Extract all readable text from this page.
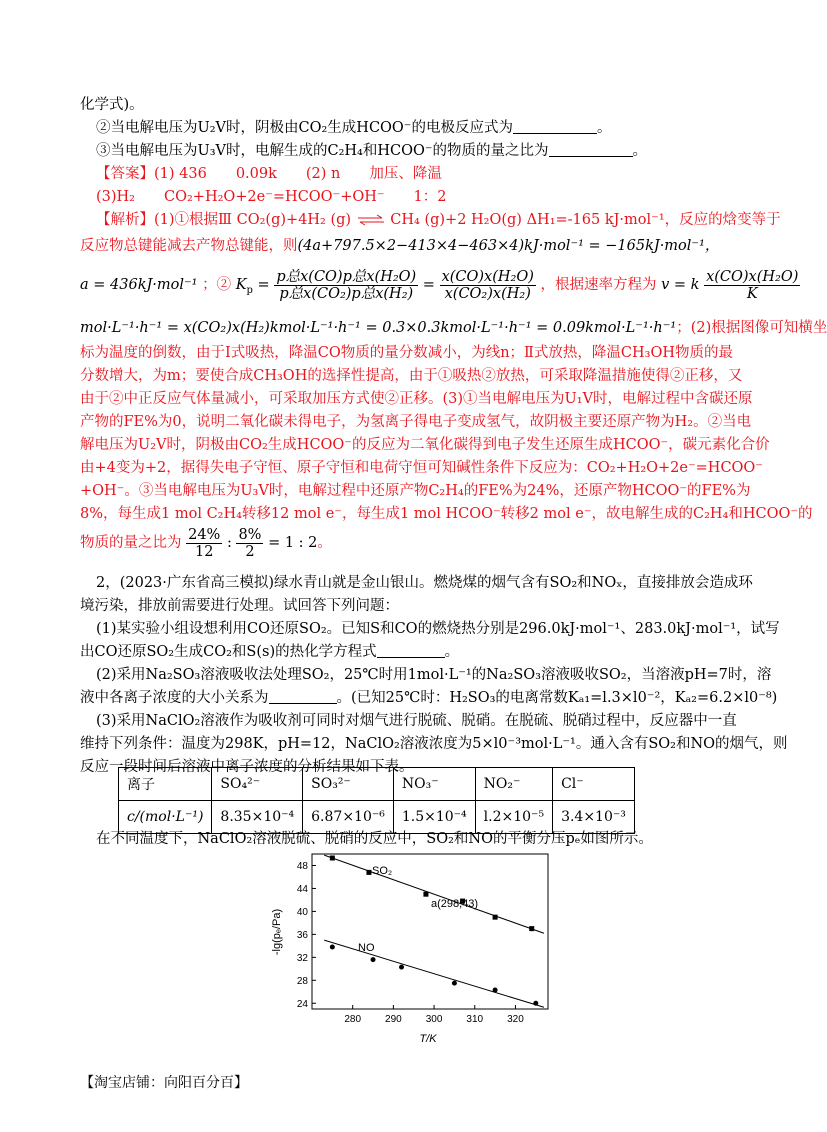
化学式)。
②当电解电压为U₂V时，阴极由CO₂生成HCOO⁻的电极反应式为	。
③当电解电压为U₃V时，电解生成的C₂H₄和HCOO⁻的物质的量之比为	。
【答案】(1) 436　　0.09k　　(2) n　　加压、降温
(3)H₂　　CO₂+H₂O+2e⁻=HCOO⁻+OH⁻　　1：2
【解析】(1)①根据Ⅲ CO₂(g)+4H₂ (g) ⇌ CH₄ (g)+2 H₂O(g) ΔH₁=-165 kJ·mol⁻¹，反应的焓变等于
反应物总键能减去产物总键能，则(4a+797.5×2−413×4−463×4)kJ·mol⁻¹ = −165kJ·mol⁻¹，
a = 436kJ·mol⁻¹ ；② $K_p = \frac{\text{p总x(CO)p总x(H₂O)}}{\text{p总x(CO₂)p总x(H₂)}} = \frac{\text{x(CO)x(H₂O)}}{\text{x(CO₂)x(H₂)}}$ ，根据速率方程为 v = k $\frac{\text{x(CO)x(H₂O)}}{K}$
mol·L⁻¹·h⁻¹ = x(CO₂)x(H₂)kmol·L⁻¹·h⁻¹ = 0.3×0.3kmol·L⁻¹·h⁻¹ = 0.09kmol·L⁻¹·h⁻¹；(2)根据图像可知横坐
标为温度的倒数，由于Ⅰ式吸热，降温CO物质的量分数减小，为线n；Ⅱ式放热，降温CH₃OH物质的最
分数增大，为m；要使合成CH₃OH的选择性提高，由于①吸热②放热，可采取降温措施使得②正移，又
由于②中正反应气体量减小，可采取加压方式使②正移。(3)①当电解电压为U₁V时，电解过程中含碳还原
产物的FE%为0，说明二氧化碳未得电子，为氢离子得电子变成氢气，故阴极主要还原产物为H₂。②当电
解电压为U₂V时，阴极由CO₂生成HCOO⁻的反应为二氧化碳得到电子发生还原生成HCOO⁻，碳元素化合价
由+4变为+2，据得失电子守恒、原子守恒和电荷守恒可知碱性条件下反应为：CO₂+H₂O+2e⁻=HCOO⁻
+OH⁻。③当电解电压为U₃V时，电解过程中还原产物C₂H₄的FE%为24%，还原产物HCOO⁻的FE%为
8%，每生成1 mol C₂H₄转移12 mol e⁻，每生成1 mol HCOO⁻转移2 mol e⁻，故电解生成的C₂H₄和HCOO⁻的
物质的量之比为 $\frac{24\%}{12}$ : $\frac{8\%}{2} = 1$ : 2。
2，(2023·广东省高三模拟)绿水青山就是金山银山。燃烧煤的烟气含有SO₂和NOₓ，直接排放会造成环
境污染，排放前需要进行处理。试回答下列问题：
(1)某实验小组设想利用CO还原SO₂。已知S和CO的燃烧热分别是296.0kJ·mol⁻¹、283.0kJ·mol⁻¹，试写
出CO还原SO₂生成CO₂和S(s)的热化学方程式	。
(2)采用Na₂SO₃溶液吸收法处理SO₂，25℃时用1mol·L⁻¹的Na₂SO₃溶液吸收SO₂，当溶液pH=7时，溶
液中各离子浓度的大小关系为	。(已知25℃时：H₂SO₃的电离常数Kₐ₁=l.3×l0⁻²，Kₐ₂=6.2×l0⁻⁸)
(3)采用NaClO₂溶液作为吸收剂可同时对烟气进行脱硫、脱硝。在脱硫、脱硝过程中，反应器中一直
维持下列条件：温度为298K，pH=12，NaClO₂溶液浓度为5×l0⁻³mol·L⁻¹。通入含有SO₂和NO的烟气，则
反应一段时间后溶液中离子浓度的分析结果如下表。
离子	SO₄²⁻	SO₃²⁻	NO₃⁻	NO₂⁻	Cl⁻
c/(mol·L⁻¹)	8.35×10⁻⁴	6.87×10⁻⁶	1.5×10⁻⁴	l.2×10⁻⁵	3.4×10⁻³
在不同温度下，NaClO₂溶液脱硫、脱硝的反应中，SO₂和NO的平衡分压pₑ如图所示。
280 290 300 310 320
24
28
32
36
40
44
48	SO₂
NO
a(298,43)
T/K
-lg(pₑ/Pa)
【淘宝店铺：向阳百分百】
